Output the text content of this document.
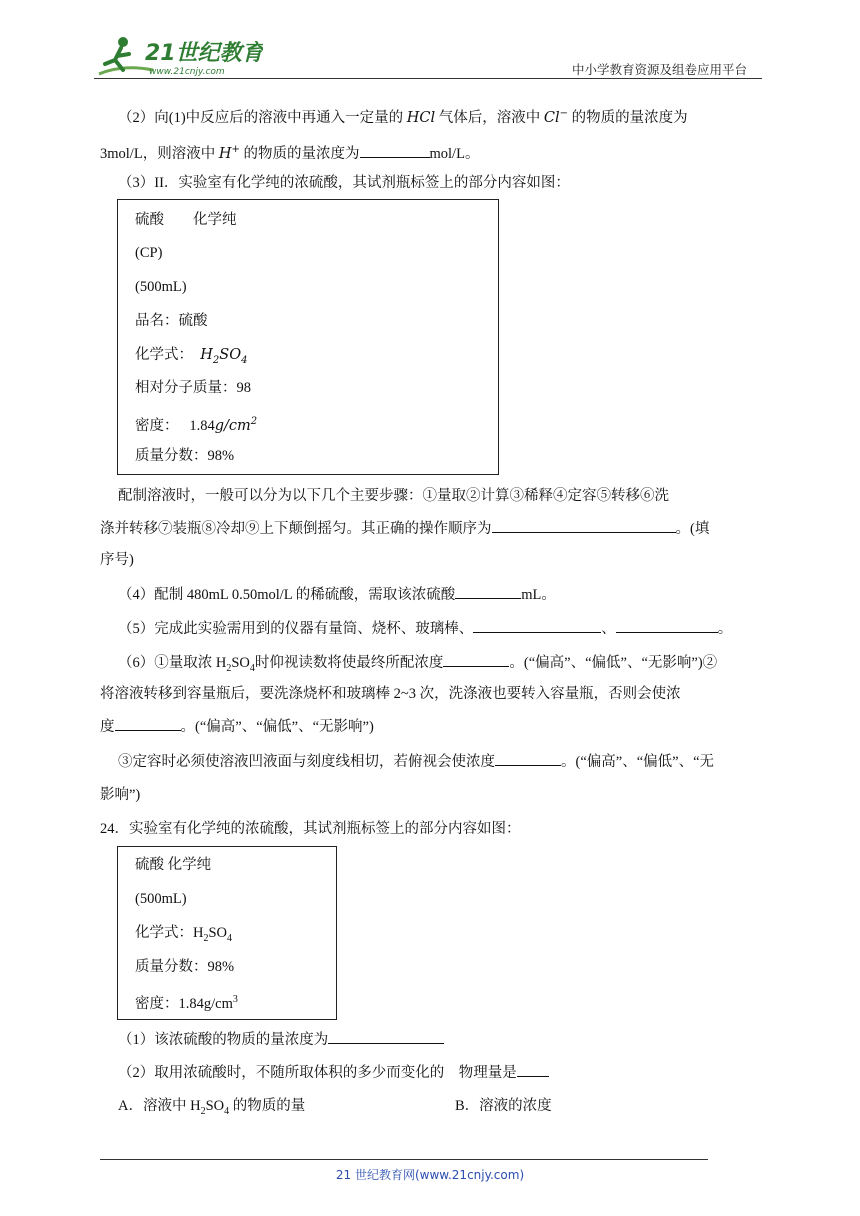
21世纪教育
www.21cnjy.com	中小学教育资源及组卷应用平台
（2）向(1)中反应后的溶液中再通入一定量的 HCl 气体后，溶液中 Cl− 的物质的量浓度为
3mol/L，则溶液中 H+ 的物质的量浓度为	mol/L。
（3）II．实验室有化学纯的浓硫酸，其试剂瓶标签上的部分内容如图：
硫酸　　化学纯
(CP)
(500mL)
品名：硫酸
化学式： $H_2SO_4$
相对分子质量：98
密度： $1.84g/cm^2$
质量分数：98%
配制溶液时，一般可以分为以下几个主要步骤：①量取②计算③稀释④定容⑤转移⑥洗
涤并转移⑦装瓶⑧冷却⑨上下颠倒摇匀。其正确的操作顺序为	。(填
序号)
（4）配制 480mL 0.50mol/L 的稀硫酸，需取该浓硫酸	mL。
（5）完成此实验需用到的仪器有量筒、烧杯、玻璃棒、	、	。
（6）①量取浓 $H_2SO_4$时仰视读数将使最终所配浓度	。(“偏高”、“偏低”、“无影响”)②
将溶液转移到容量瓶后，要洗涤烧杯和玻璃棒 2~3 次，洗涤液也要转入容量瓶，否则会使浓
度	。(“偏高”、“偏低”、“无影响”)
③定容时必须使溶液凹液面与刻度线相切，若俯视会使浓度	。(“偏高”、“偏低”、“无
影响”)
24．实验室有化学纯的浓硫酸，其试剂瓶标签上的部分内容如图：
硫酸 化学纯
(500mL)
化学式：$H_2SO_4$
质量分数：98%
密度：$1.84g/cm^3$
（1）该浓硫酸的物质的量浓度为
（2）取用浓硫酸时，不随所取体积的多少而变化的　物理量是
A．溶液中 $H_2SO_4$ 的物质的量	B．溶液的浓度
21 世纪教育网(www.21cnjy.com)
